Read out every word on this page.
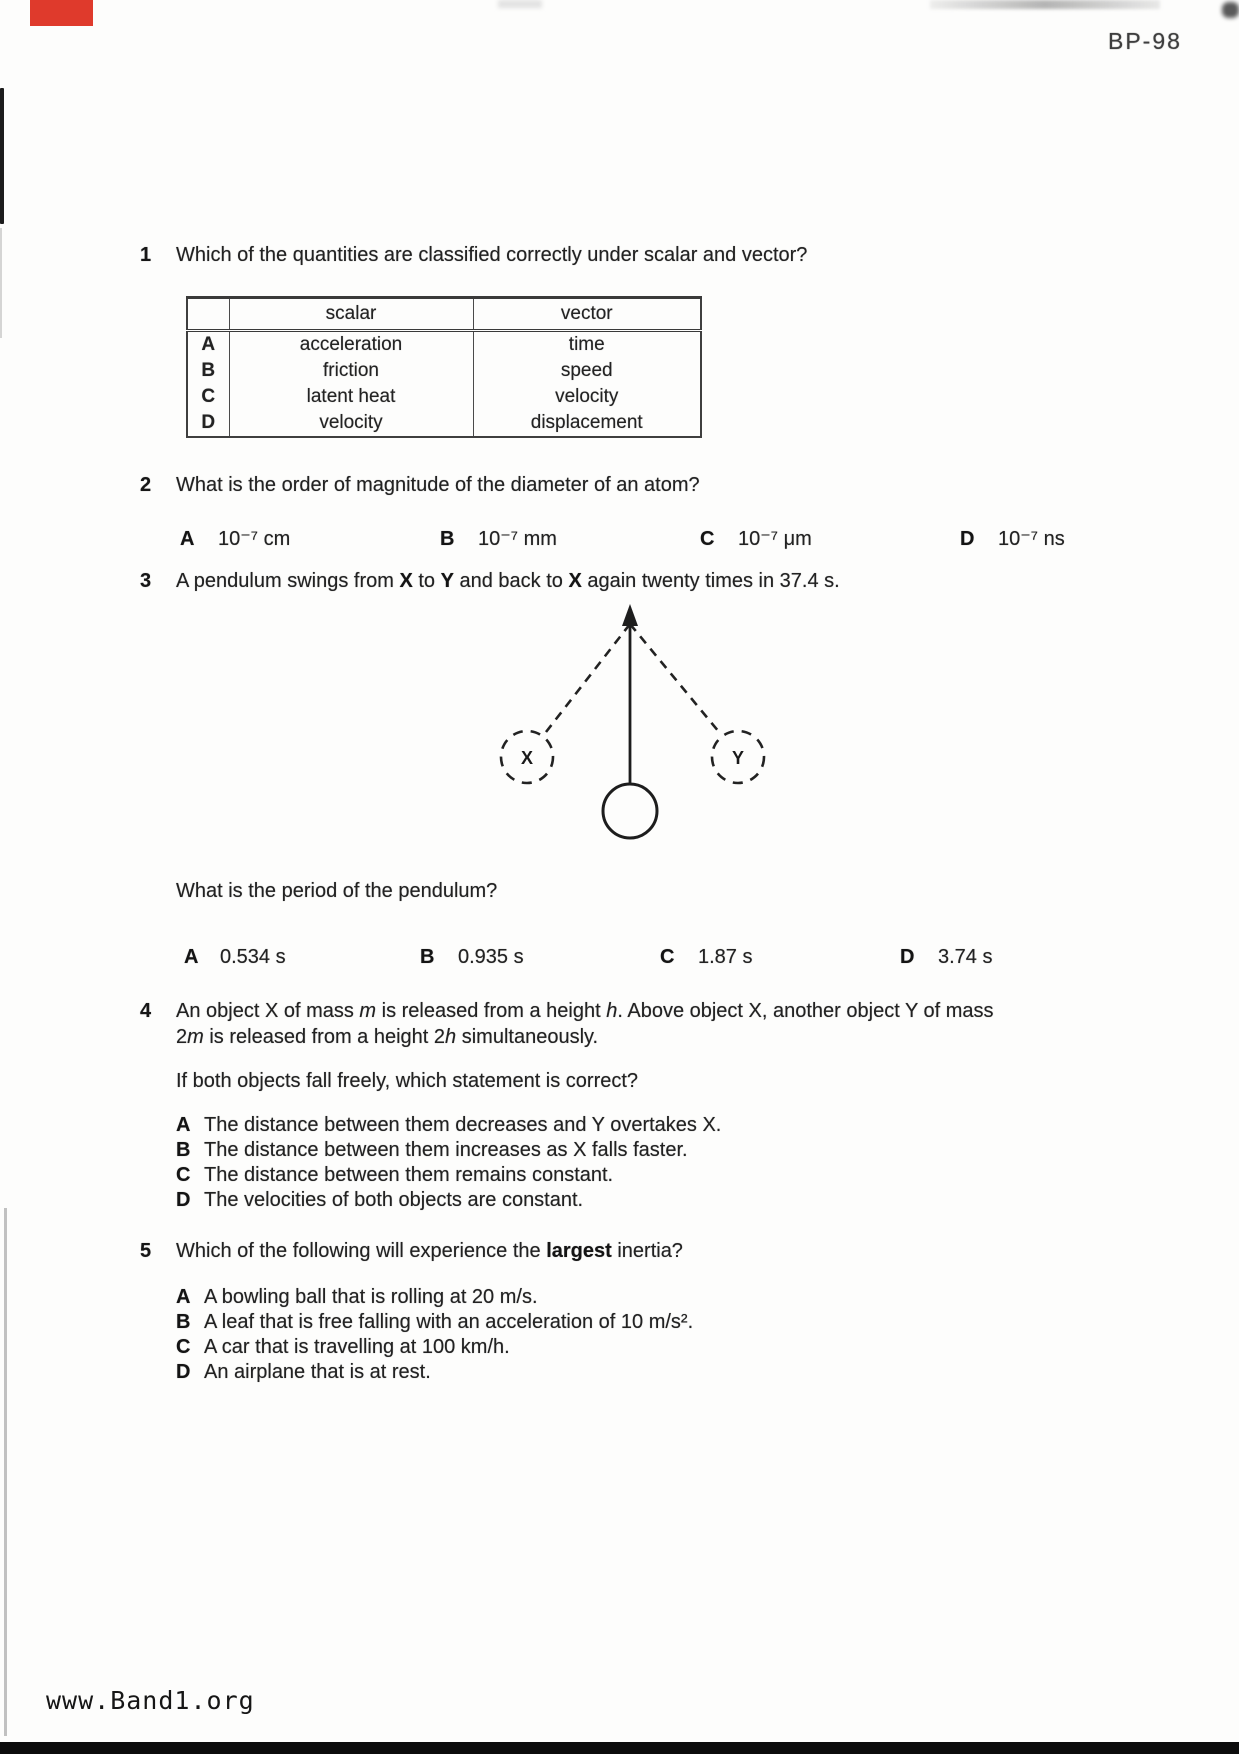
BP-98
1 Which of the quantities are classified correctly under scalar and vector?
	scalar	vector
A	acceleration	time
B	friction	speed
C	latent heat	velocity
D	velocity	displacement
2 What is the order of magnitude of the diameter of an atom?
A 10⁻⁷ cm	B 10⁻⁷ mm	C 10⁻⁷ μm	D 10⁻⁷ ns
3 A pendulum swings from X to Y and back to X again twenty times in 37.4 s.
X	Y
What is the period of the pendulum?
A 0.534 s	B 0.935 s	C 1.87 s	D 3.74 s
4 An object X of mass m is released from a height h. Above object X, another object Y of mass
2m is released from a height 2h simultaneously.
If both objects fall freely, which statement is correct?
A The distance between them decreases and Y overtakes X.
B The distance between them increases as X falls faster.
C The distance between them remains constant.
D The velocities of both objects are constant.
5 Which of the following will experience the largest inertia?
A A bowling ball that is rolling at 20 m/s.
B A leaf that is free falling with an acceleration of 10 m/s².
C A car that is travelling at 100 km/h.
D An airplane that is at rest.
www.Band1.org
